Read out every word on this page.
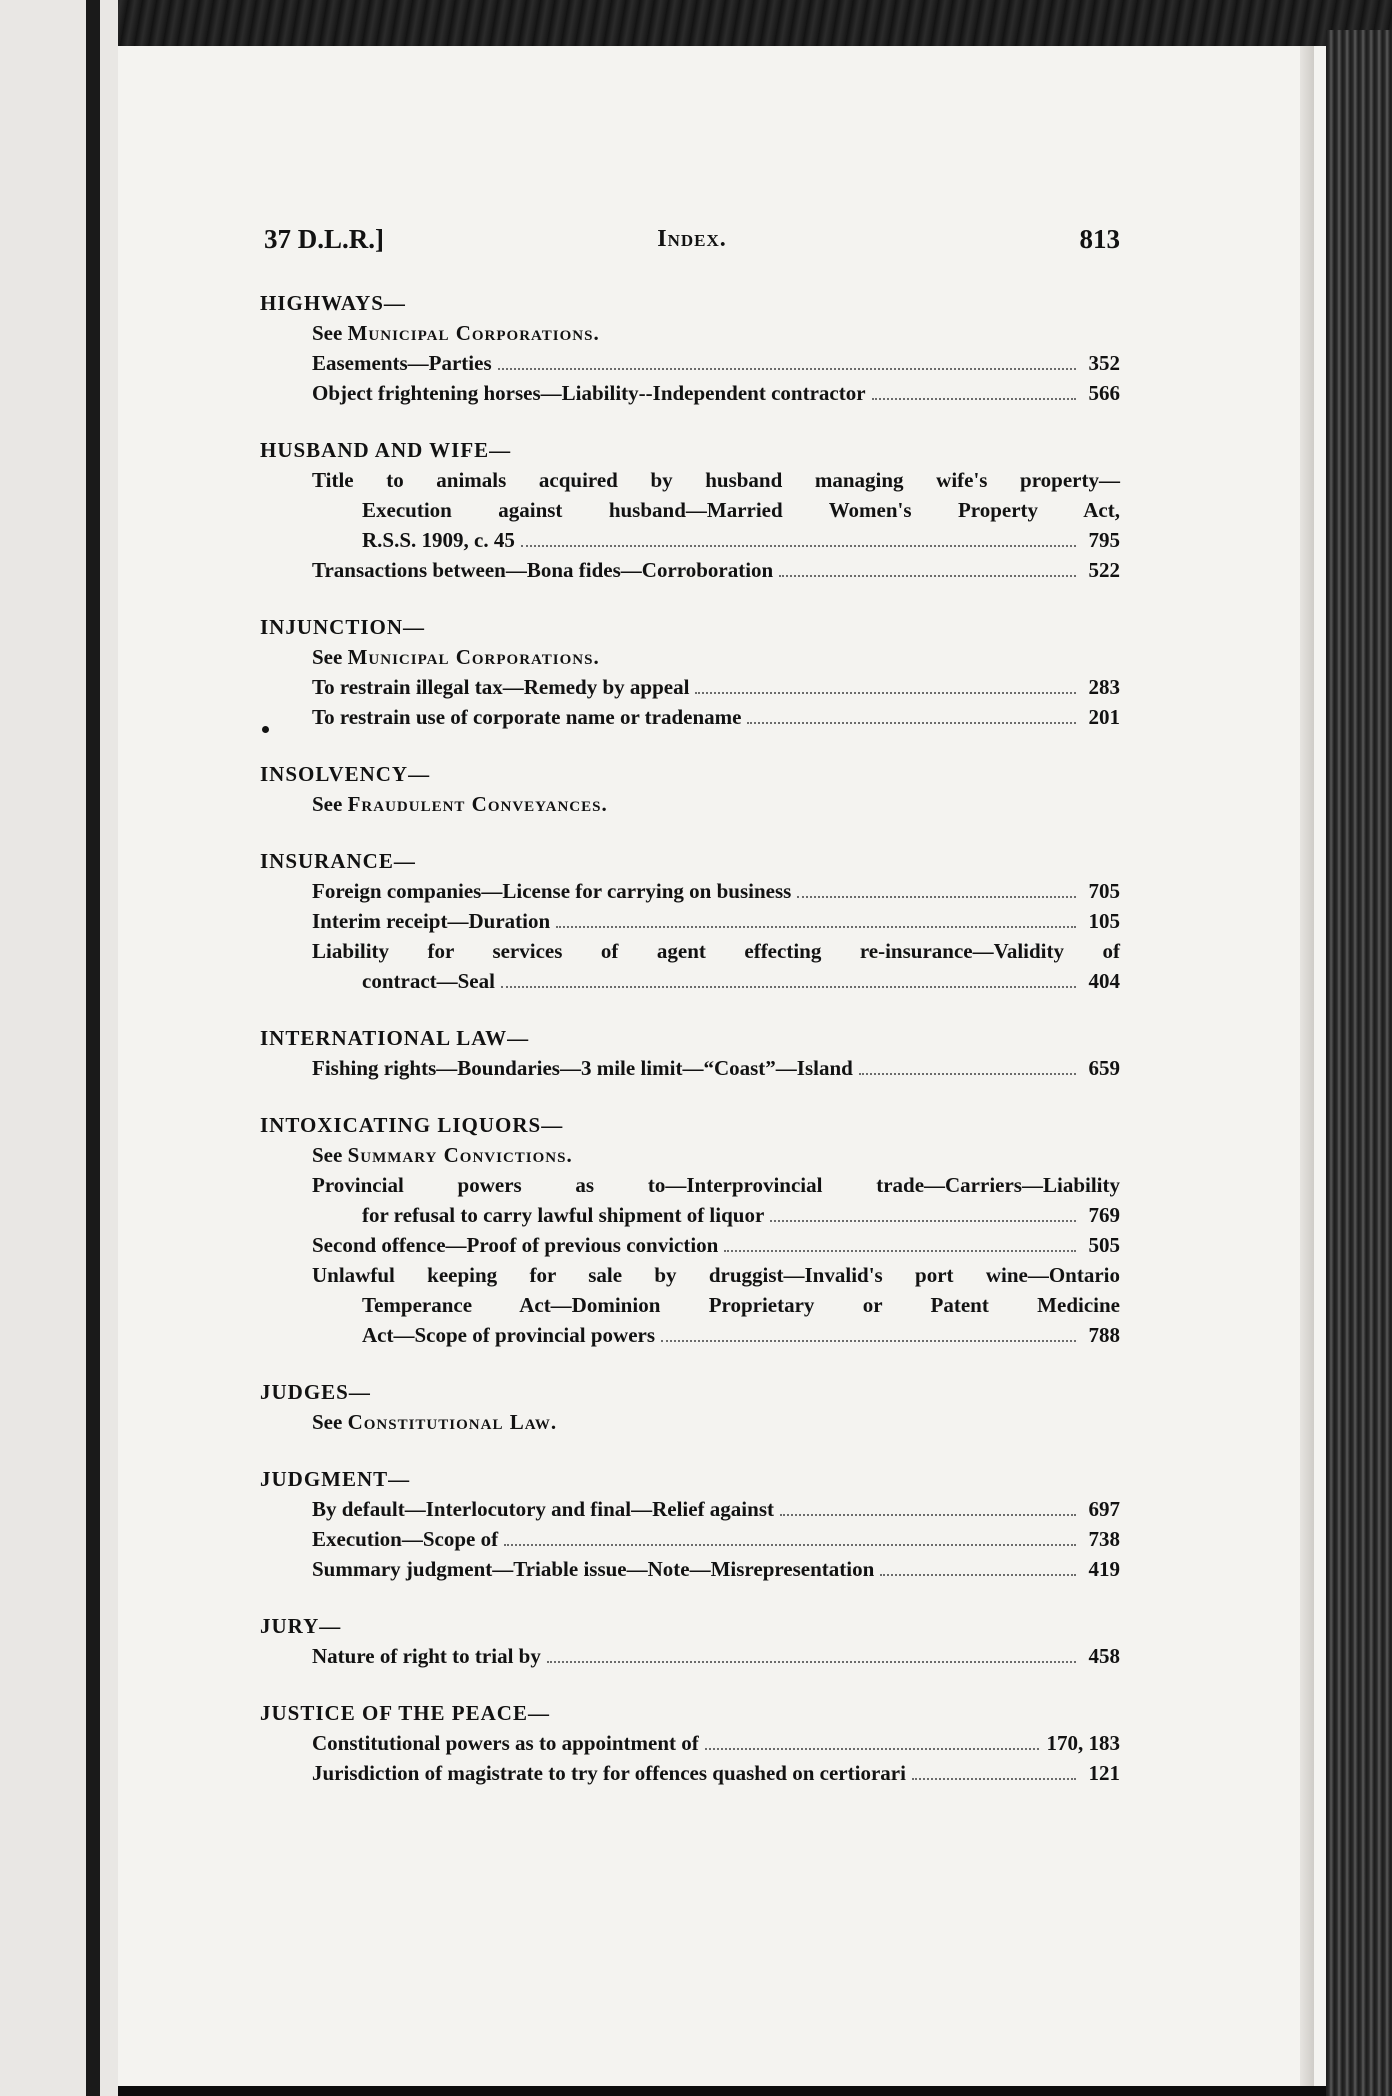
37 D.L.R.]	Index.	813
HIGHWAYS—
See Municipal Corporations.
Easements—Parties	352
Object frightening horses—Liability--Independent contractor	566
HUSBAND AND WIFE—
Title to animals acquired by husband managing wife's property—
Execution against husband—Married Women's Property Act,
R.S.S. 1909, c. 45	795
Transactions between—Bona fides—Corroboration	522
INJUNCTION—
See Municipal Corporations.
To restrain illegal tax—Remedy by appeal	283
To restrain use of corporate name or tradename	201
INSOLVENCY—
See Fraudulent Conveyances.
INSURANCE—
Foreign companies—License for carrying on business	705
Interim receipt—Duration	105
Liability for services of agent effecting re-insurance—Validity of
contract—Seal	404
INTERNATIONAL LAW—
Fishing rights—Boundaries—3 mile limit—“Coast”—Island	659
INTOXICATING LIQUORS—
See Summary Convictions.
Provincial powers as to—Interprovincial trade—Carriers—Liability
for refusal to carry lawful shipment of liquor	769
Second offence—Proof of previous conviction	505
Unlawful keeping for sale by druggist—Invalid's port wine—Ontario
Temperance Act—Dominion Proprietary or Patent Medicine
Act—Scope of provincial powers	788
JUDGES—
See Constitutional Law.
JUDGMENT—
By default—Interlocutory and final—Relief against	697
Execution—Scope of	738
Summary judgment—Triable issue—Note—Misrepresentation	419
JURY—
Nature of right to trial by	458
JUSTICE OF THE PEACE—
Constitutional powers as to appointment of	170, 183
Jurisdiction of magistrate to try for offences quashed on certiorari	121
